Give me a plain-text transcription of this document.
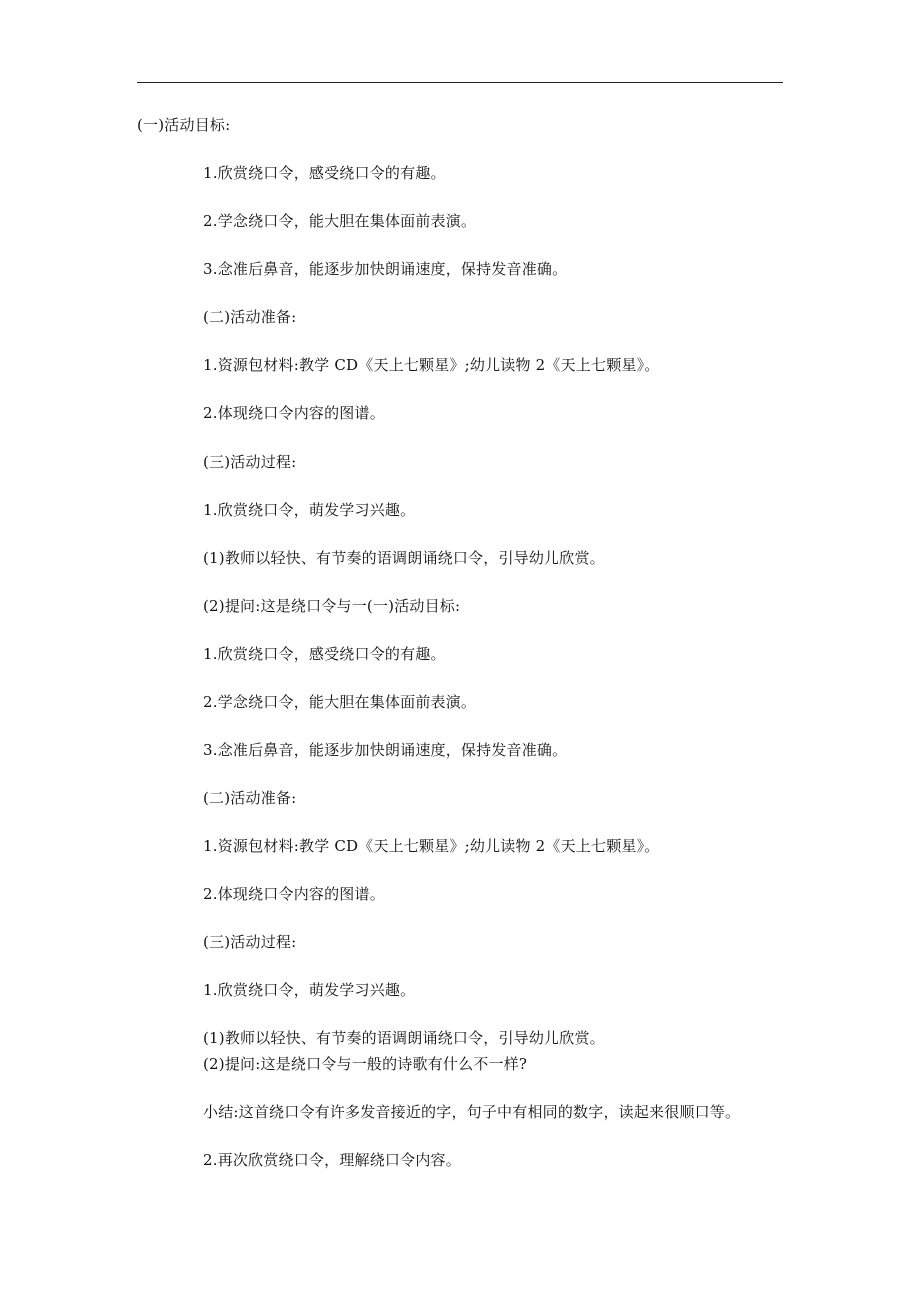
(一)活动目标:
1.欣赏绕口令，感受绕口令的有趣。
2.学念绕口令，能大胆在集体面前表演。
3.念准后鼻音，能逐步加快朗诵速度，保持发音准确。
(二)活动准备:
1.资源包材料:教学 CD《天上七颗星》;幼儿读物 2《天上七颗星》。
2.体现绕口令内容的图谱。
(三)活动过程:
1.欣赏绕口令，萌发学习兴趣。
(1)教师以轻快、有节奏的语调朗诵绕口令，引导幼儿欣赏。
(2)提问:这是绕口令与一(一)活动目标:
1.欣赏绕口令，感受绕口令的有趣。
2.学念绕口令，能大胆在集体面前表演。
3.念准后鼻音，能逐步加快朗诵速度，保持发音准确。
(二)活动准备:
1.资源包材料:教学 CD《天上七颗星》;幼儿读物 2《天上七颗星》。
2.体现绕口令内容的图谱。
(三)活动过程:
1.欣赏绕口令，萌发学习兴趣。
(1)教师以轻快、有节奏的语调朗诵绕口令，引导幼儿欣赏。
(2)提问:这是绕口令与一般的诗歌有什么不一样?
小结:这首绕口令有许多发音接近的字，句子中有相同的数字，读起来很顺口等。
2.再次欣赏绕口令，理解绕口令内容。
